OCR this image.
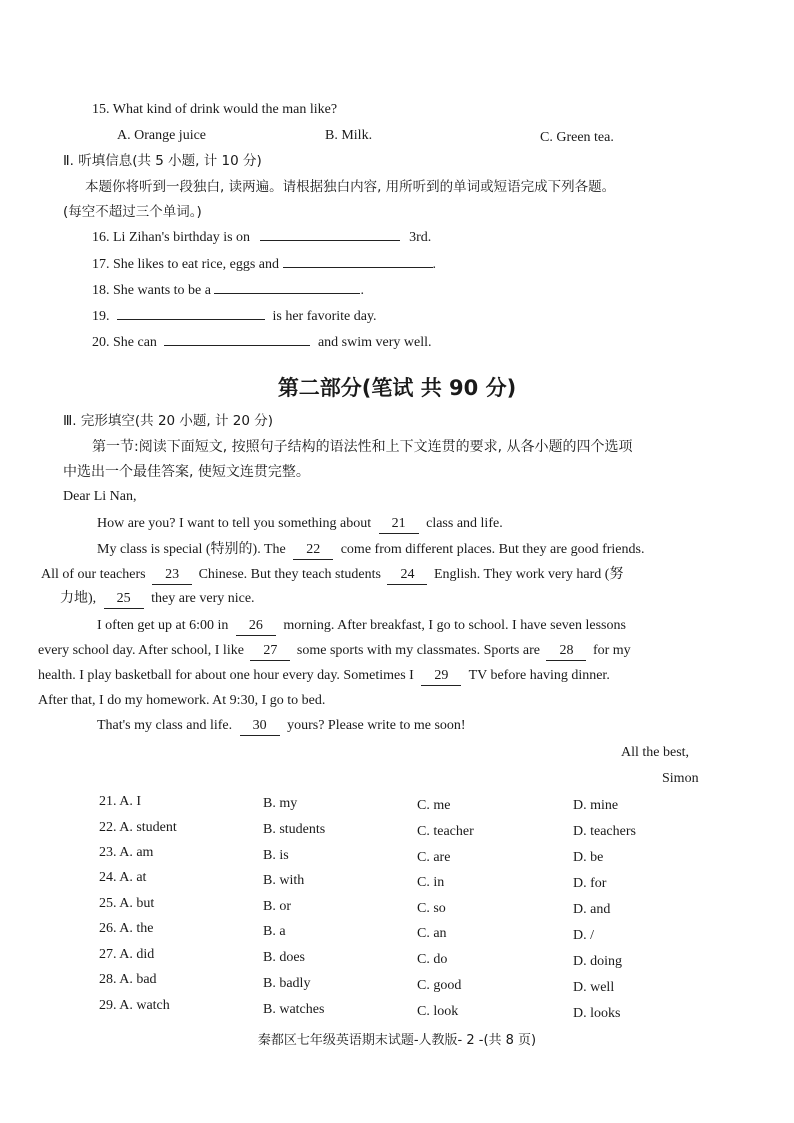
15. What kind of drink would the man like?
A. Orange juice	B. Milk.	C. Green tea.
Ⅱ. 听填信息(共 5 小题, 计 10 分)
本题你将听到一段独白, 读两遍。请根据独白内容, 用所听到的单词或短语完成下列各题。
(每空不超过三个单词。)
16. Li Zihan's birthday is on	3rd.
17. She likes to eat rice, eggs and	.
18. She wants to be a	.
19.	is her favorite day.
20. She can	and swim very well.
第二部分(笔试 共 90 分)
Ⅲ. 完形填空(共 20 小题, 计 20 分)
第一节:阅读下面短文, 按照句子结构的语法性和上下文连贯的要求, 从各小题的四个选项
中选出一个最佳答案, 使短文连贯完整。
Dear Li Nan,
How are you? I want to tell you something about 21 class and life.
My class is special (特别的). The 22 come from different places. But they are good friends.
All of our teachers 23 Chinese. But they teach students 24 English. They work very hard (努
力地), 25 they are very nice.
I often get up at 6:00 in 26 morning. After breakfast, I go to school. I have seven lessons
every school day. After school, I like 27 some sports with my classmates. Sports are 28 for my
health. I play basketball for about one hour every day. Sometimes I 29 TV before having dinner.
After that, I do my homework. At 9:30, I go to bed.
That's my class and life. 30 yours? Please write to me soon!
All the best,
Simon
21. A. I	B. my	C. me	D. mine
22. A. student	B. students	C. teacher	D. teachers
23. A. am	B. is	C. are	D. be
24. A. at	B. with	C. in	D. for
25. A. but	B. or	C. so	D. and
26. A. the	B. a	C. an	D. /
27. A. did	B. does	C. do	D. doing
28. A. bad	B. badly	C. good	D. well
29. A. watch	B. watches	C. look	D. looks
秦都区七年级英语期末试题-人教版- 2 -(共 8 页)
